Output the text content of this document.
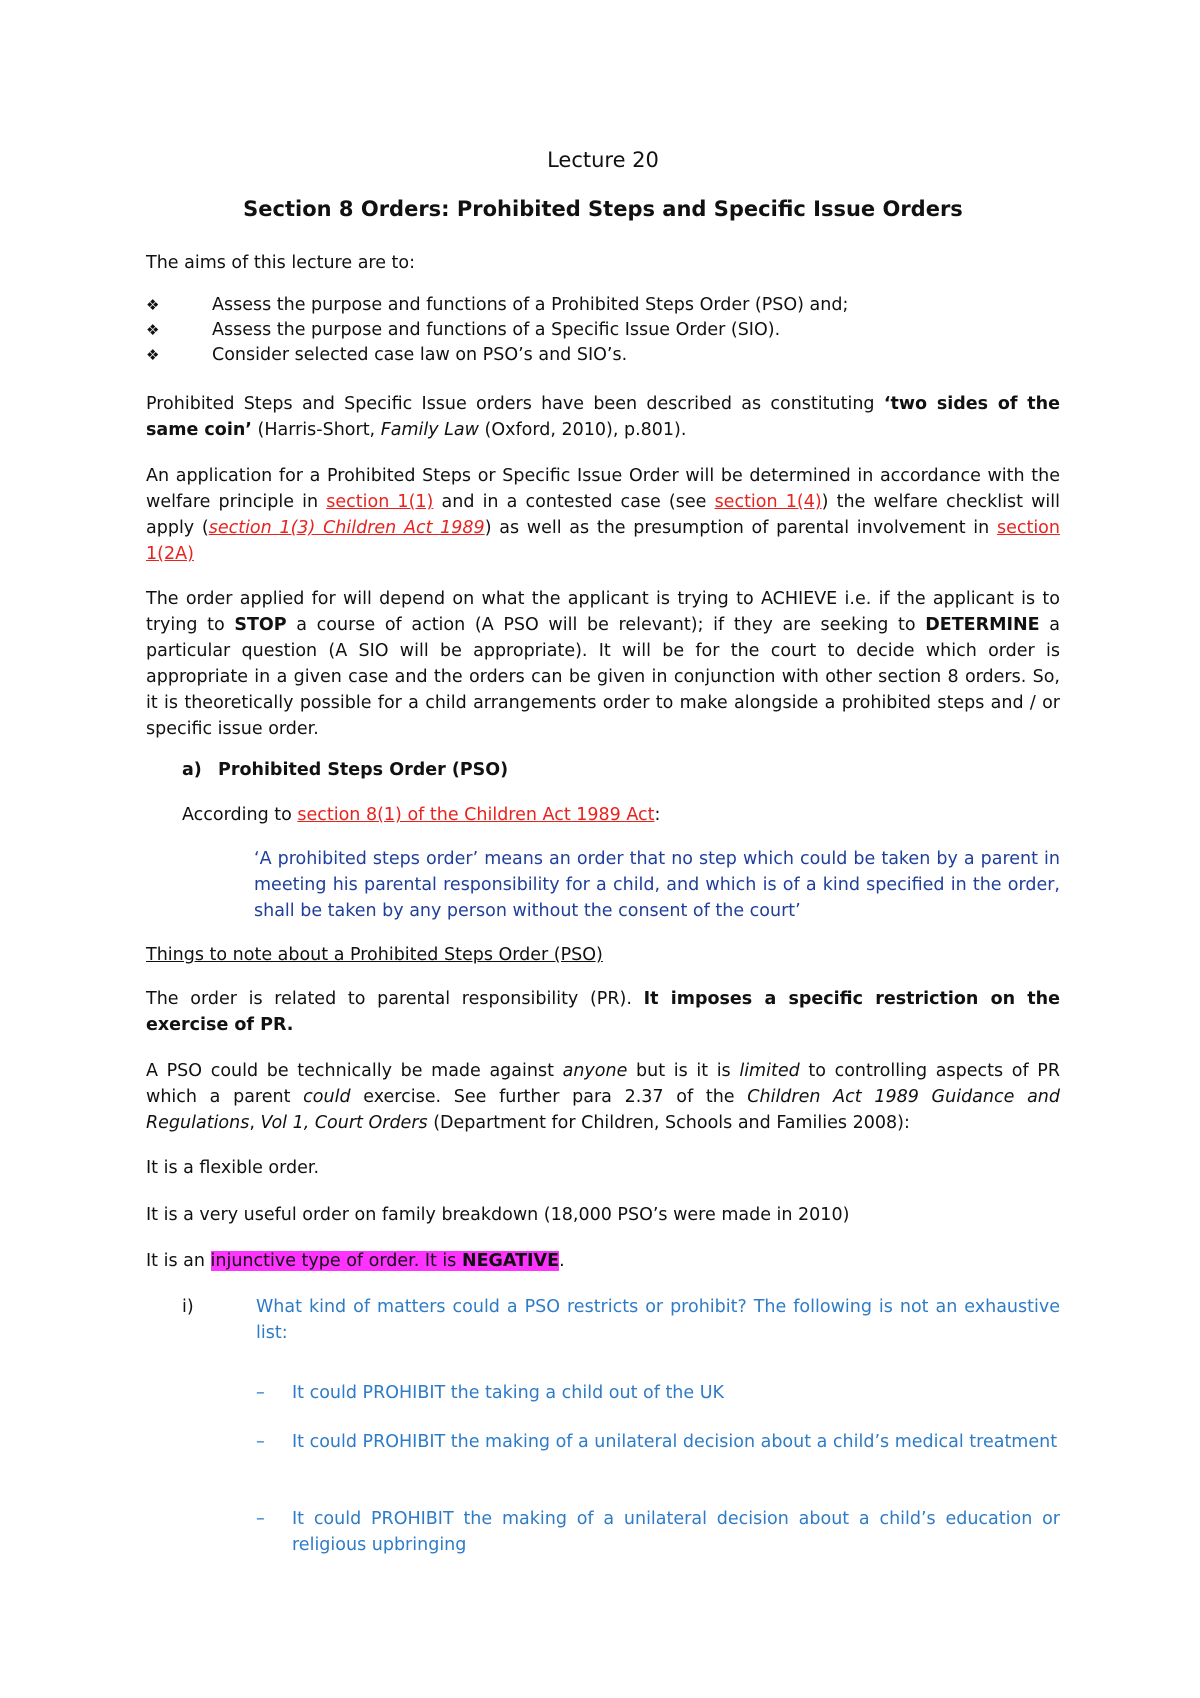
Lecture 20
Section 8 Orders: Prohibited Steps and Specific Issue Orders

The aims of this lecture are to:

❖	Assess the purpose and functions of a Prohibited Steps Order (PSO) and;
❖	Assess the purpose and functions of a Specific Issue Order (SIO).
❖	Consider selected case law on PSO’s and SIO’s.

Prohibited Steps and Specific Issue orders have been described as constituting ‘two sides of the same coin’ (Harris-Short, Family Law (Oxford, 2010), p.801).

An application for a Prohibited Steps or Specific Issue Order will be determined in accordance with the welfare principle in section 1(1) and in a contested case (see section 1(4)) the welfare checklist will apply (section 1(3) Children Act 1989) as well as the presumption of parental involvement in section 1(2A)

The order applied for will depend on what the applicant is trying to ACHIEVE i.e. if the applicant is to trying to STOP a course of action (A PSO will be relevant); if they are seeking to DETERMINE a particular question (A SIO will be appropriate). It will be for the court to decide which order is appropriate in a given case and the orders can be given in conjunction with other section 8 orders. So, it is theoretically possible for a child arrangements order to make alongside a prohibited steps and / or specific issue order.

a) Prohibited Steps Order (PSO)

According to section 8(1) of the Children Act 1989 Act:

‘A prohibited steps order’ means an order that no step which could be taken by a parent in meeting his parental responsibility for a child, and which is of a kind specified in the order, shall be taken by any person without the consent of the court’

Things to note about a Prohibited Steps Order (PSO)

The order is related to parental responsibility (PR). It imposes a specific restriction on the exercise of PR.

A PSO could be technically be made against anyone but is it is limited to controlling aspects of PR which a parent could exercise. See further para 2.37 of the Children Act 1989 Guidance and Regulations, Vol 1, Court Orders (Department for Children, Schools and Families 2008):

It is a flexible order.

It is a very useful order on family breakdown (18,000 PSO’s were made in 2010)

It is an injunctive type of order. It is NEGATIVE.

i)	What kind of matters could a PSO restricts or prohibit? The following is not an exhaustive list:

– It could PROHIBIT the taking a child out of the UK

– It could PROHIBIT the making of a unilateral decision about a child’s medical treatment

– It could PROHIBIT the making of a unilateral decision about a child’s education or religious upbringing
